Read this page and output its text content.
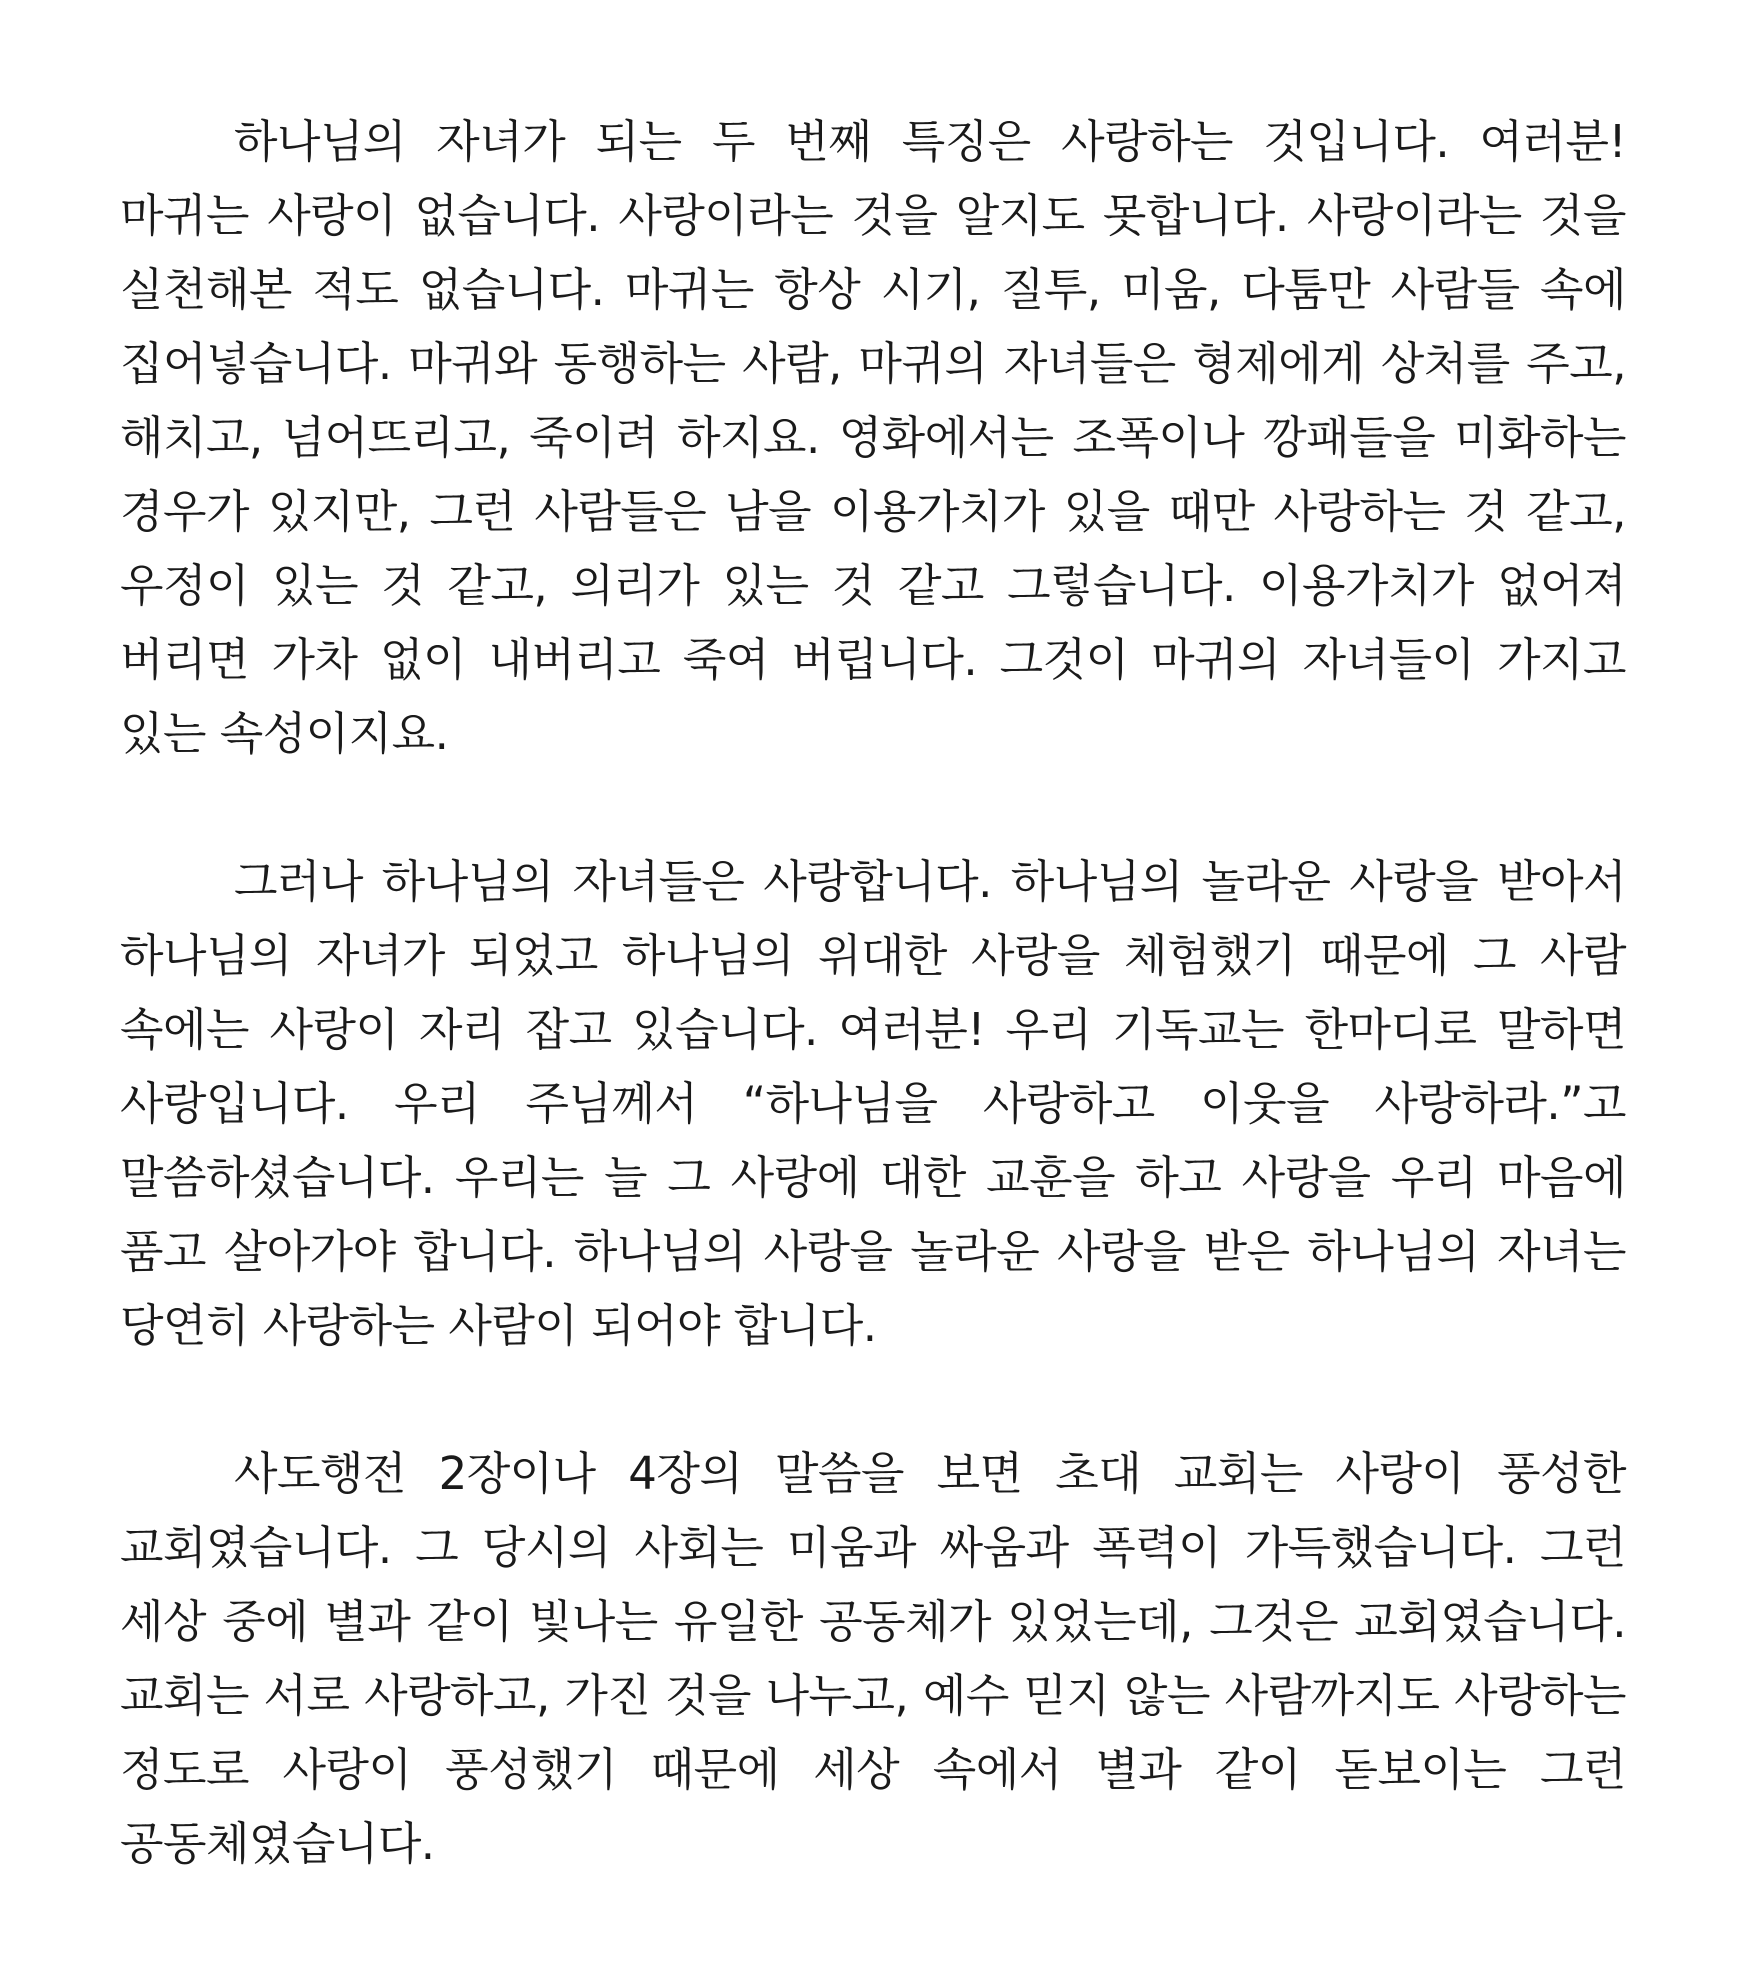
하나님의 자녀가 되는 두 번째 특징은 사랑하는 것입니다. 여러분! 마귀는 사랑이 없습니다. 사랑이라는 것을 알지도 못합니다. 사랑이라는 것을 실천해본 적도 없습니다. 마귀는 항상 시기, 질투, 미움, 다툼만 사람들 속에 집어넣습니다. 마귀와 동행하는 사람, 마귀의 자녀들은 형제에게 상처를 주고, 해치고, 넘어뜨리고, 죽이려 하지요. 영화에서는 조폭이나 깡패들을 미화하는 경우가 있지만, 그런 사람들은 남을 이용가치가 있을 때만 사랑하는 것 같고, 우정이 있는 것 같고, 의리가 있는 것 같고 그렇습니다. 이용가치가 없어져 버리면 가차 없이 내버리고 죽여 버립니다. 그것이 마귀의 자녀들이 가지고 있는 속성이지요.

그러나 하나님의 자녀들은 사랑합니다. 하나님의 놀라운 사랑을 받아서 하나님의 자녀가 되었고 하나님의 위대한 사랑을 체험했기 때문에 그 사람 속에는 사랑이 자리 잡고 있습니다. 여러분! 우리 기독교는 한마디로 말하면 사랑입니다. 우리 주님께서 “하나님을 사랑하고 이웃을 사랑하라.”고 말씀하셨습니다. 우리는 늘 그 사랑에 대한 교훈을 하고 사랑을 우리 마음에 품고 살아가야 합니다. 하나님의 사랑을 놀라운 사랑을 받은 하나님의 자녀는 당연히 사랑하는 사람이 되어야 합니다.

사도행전 2장이나 4장의 말씀을 보면 초대 교회는 사랑이 풍성한 교회였습니다. 그 당시의 사회는 미움과 싸움과 폭력이 가득했습니다. 그런 세상 중에 별과 같이 빛나는 유일한 공동체가 있었는데, 그것은 교회였습니다. 교회는 서로 사랑하고, 가진 것을 나누고, 예수 믿지 않는 사람까지도 사랑하는 정도로 사랑이 풍성했기 때문에 세상 속에서 별과 같이 돋보이는 그런 공동체였습니다.
